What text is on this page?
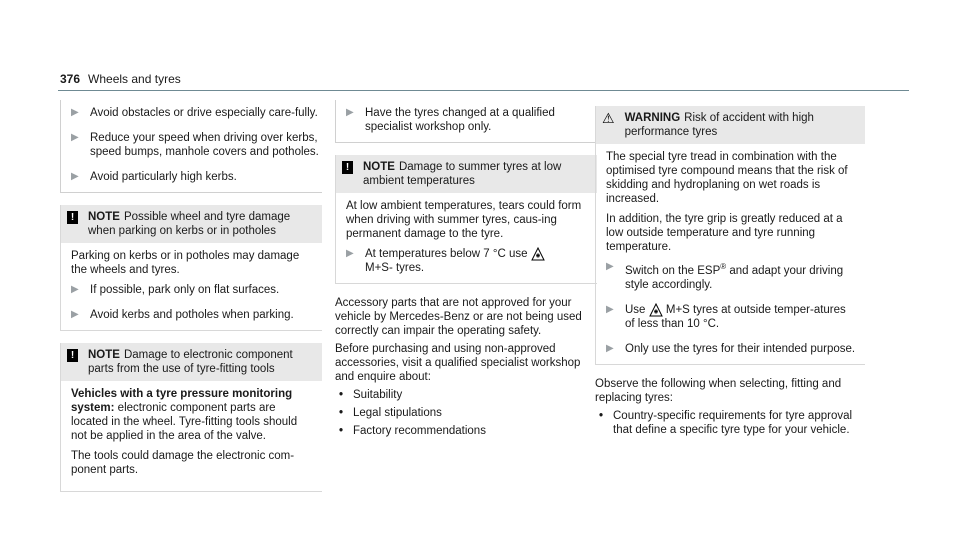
376 Wheels and tyres
▶ Avoid obstacles or drive especially care-fully.
▶ Reduce your speed when driving over kerbs, speed bumps, manhole covers and potholes.
▶ Avoid particularly high kerbs.
!	NOTE Possible wheel and tyre damage when parking on kerbs or in potholes

Parking on kerbs or in potholes may damage the wheels and tyres.

▶ If possible, park only on flat surfaces.
▶ Avoid kerbs and potholes when parking.
!	NOTE Damage to electronic component parts from the use of tyre-fitting tools

Vehicles with a tyre pressure monitoring system: electronic component parts are located in the wheel. Tyre-fitting tools should not be applied in the area of the valve.

The tools could damage the electronic com-ponent parts.

▶ Have the tyres changed at a qualified specialist workshop only.
!	NOTE Damage to summer tyres at low ambient temperatures

At low ambient temperatures, tears could form when driving with summer tyres, caus-ing permanent damage to the tyre.

▶ At temperatures below 7 °C use
M+S- tyres.

Accessory parts that are not approved for your vehicle by Mercedes-Benz or are not being used correctly can impair the operating safety.

Before purchasing and using non-approved accessories, visit a qualified specialist workshop and enquire about:

• Suitability
• Legal stipulations
• Factory recommendations
⚠ WARNING Risk of accident with high performance tyres

The special tyre tread in combination with the optimised tyre compound means that the risk of skidding and hydroplaning on wet roads is increased.

In addition, the tyre grip is greatly reduced at a low outside temperature and tyre running temperature.

▶ Switch on the ESP® and adapt your driving style accordingly.
▶ Use M+S tyres at outside temper-atures of less than 10 °C.
▶ Only use the tyres for their intended purpose.

Observe the following when selecting, fitting and replacing tyres:

• Country-specific requirements for tyre approval that define a specific tyre type for your vehicle.
